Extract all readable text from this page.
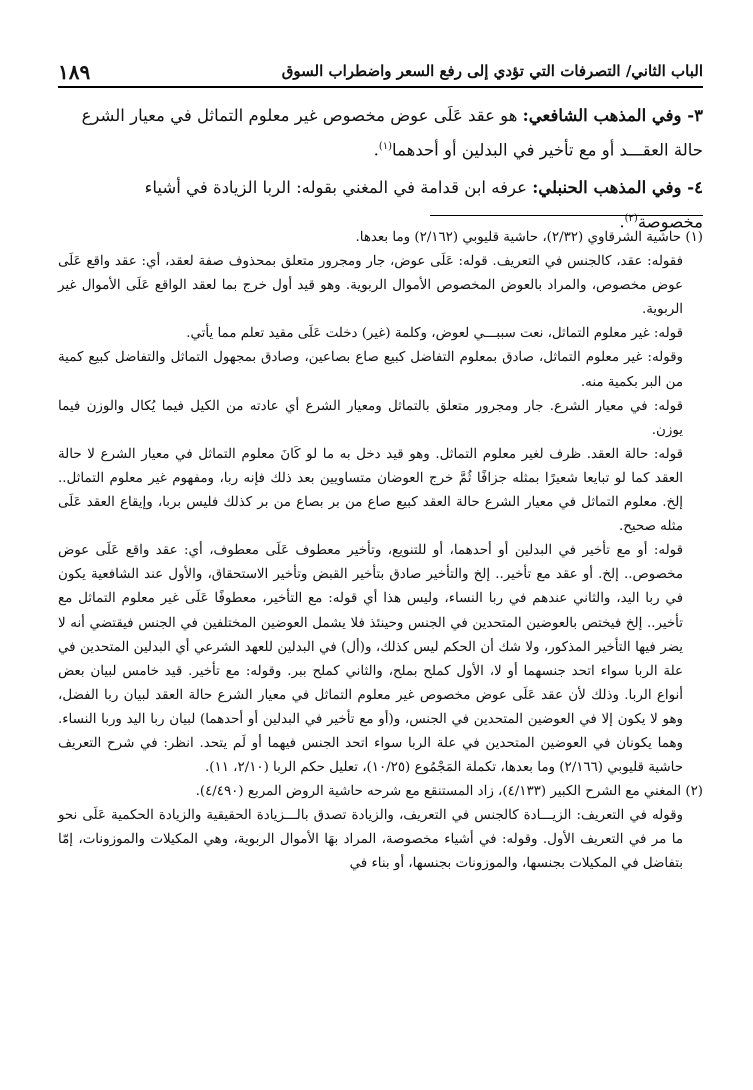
١٨٩	الباب الثاني/ التصرفات التي تؤدي إلى رفع السعر واضطراب السوق

٣- وفي المذهب الشافعي: هو عقد عَلَى عوض مخصوص غير معلوم التماثل في معيار الشرع حالة العقـــد أو مع تأخير في البدلين أو أحدهما$^{(١)}$.

٤- وفي المذهب الحنبلي: عرفه ابن قدامة في المغني بقوله: الربا الزيادة في أشياء مخصوصة$^{(٢)}$.

(١) حاشية الشرقاوي (٢/٣٢)، حاشية قليوبي (٢/١٦٢) وما بعدها.

فقوله: عقد، كالجنس في التعريف. قوله: عَلَى عوض، جار ومجرور متعلق بمحذوف صفة لعقد، أي: عقد واقع عَلَى عوض مخصوص، والمراد بالعوض المخصوص الأموال الربوية. وهو قيد أول خرج بما لعقد الواقع عَلَى الأموال غير الربوية.

قوله: غير معلوم التماثل، نعت سببـــي لعوض، وكلمة (غير) دخلت عَلَى مقيد تعلم مما يأتي.

وقوله: غير معلوم التماثل، صادق بمعلوم التفاضل كبيع صاع بصاعين، وصادق بمجهول التماثل والتفاضل كبيع كمية من البر بكمية منه.

قوله: في معيار الشرع. جار ومجرور متعلق بالتماثل ومعيار الشرع أي عادته من الكيل فيما يُكال والوزن فيما يوزن.

قوله: حالة العقد. ظرف لغير معلوم التماثل. وهو قيد دخل به ما لو كَانَ معلوم التماثل في معيار الشرع لا حالة العقد كما لو تبايعا شعيرًا بمثله جزافًا ثُمَّ خرج العوضان متساويين بعد ذلك فإنه ربا، ومفهوم غير معلوم التماثل.. إلخ. معلوم التماثل في معيار الشرع حالة العقد كبيع صاع من بر بصاع من بر كذلك فليس بربا، وإيقاع العقد عَلَى مثله صحيح.

قوله: أو مع تأخير في البدلين أو أحدهما، أو للتنويع، وتأخير معطوف عَلَى معطوف، أي: عقد واقع عَلَى عوض مخصوص.. إلخ. أو عقد مع تأخير.. إلخ والتأخير صادق بتأخير القبض وتأخير الاستحقاق، والأول عند الشافعية يكون في ربا اليد، والثاني عندهم في ربا النساء، وليس هذا أي قوله: مع التأخير، معطوفًا عَلَى غير معلوم التماثل مع تأخير.. إلخ فيختص بالعوضين المتحدين في الجنس وحينئذ فلا يشمل العوضين المختلفين في الجنس فيقتضي أنه لا يضر فيها التأخير المذكور، ولا شك أن الحكم ليس كذلك، و(أل) في البدلين للعهد الشرعي أي البدلين المتحدين في علة الربا سواء اتحد جنسهما أو لا، الأول كملح بملح، والثاني كملح ببر. وقوله: مع تأخير. قيد خامس لبيان بعض أنواع الربا. وذلك لأن عقد عَلَى عوض مخصوص غير معلوم التماثل في معيار الشرع حالة العقد لبيان ربا الفضل، وهو لا يكون إلا في العوضين المتحدين في الجنس، و(أو مع تأخير في البدلين أو أحدهما) لبيان ربا اليد وربا النساء. وهما يكونان في العوضين المتحدين في علة الربا سواء اتحد الجنس فيهما أو لَم يتحد. انظر: في شرح التعريف حاشية قليوبي (٢/١٦٦) وما بعدها، تكملة المَجْمُوع (١٠/٢٥)، تعليل حكم الربا (٢/١٠، ١١).

(٢) المغني مع الشرح الكبير (٤/١٣٣)، زاد المستنقع مع شرحه حاشية الروض المربع (٤/٤٩٠).

وقوله في التعريف: الزيـــادة كالجنس في التعريف، والزيادة تصدق بالـــزيادة الحقيقية والزيادة الحكمية عَلَى نحو ما مر في التعريف الأول. وقوله: في أشياء مخصوصة، المراد بهَا الأموال الربوية، وهي المكيلات والموزونات، إمّا بتفاضل في المكيلات بجنسها، والموزونات بجنسها، أو بناء في
